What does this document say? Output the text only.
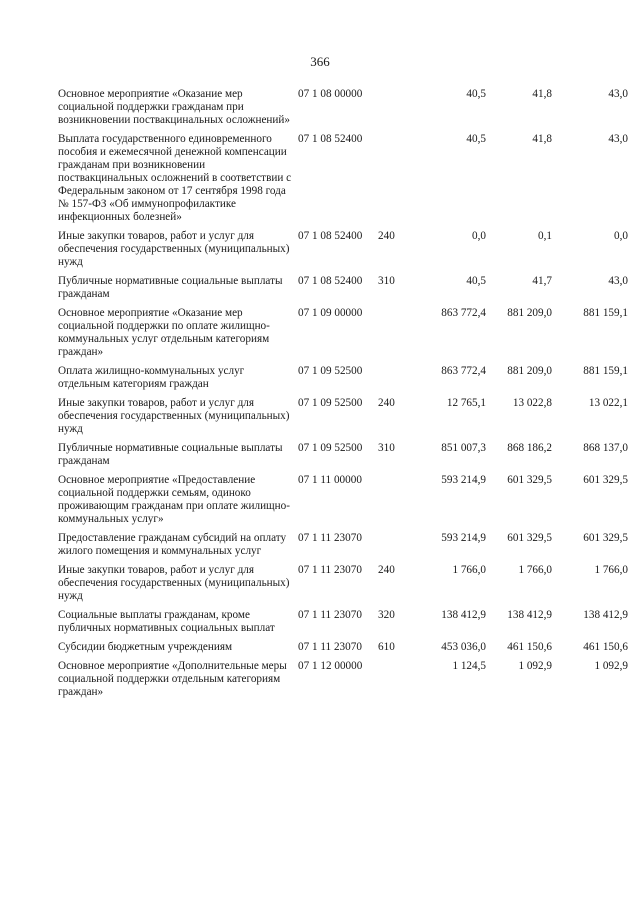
366
Основное мероприятие «Оказание мер социальной поддержки гражданам при возникновении поствакцинальных осложнений»
07 1 08 00000	40,5	41,8	43,0
Выплата государственного единовременного пособия и ежемесячной денежной компенсации гражданам при возникновении поствакцинальных осложнений в соответствии с Федеральным законом от 17 сентября 1998 года № 157-ФЗ «Об иммунопрофилактике инфекционных болезней»
07 1 08 52400	40,5	41,8	43,0
Иные закупки товаров, работ и услуг для обеспечения государственных (муниципальных) нужд
07 1 08 52400	240	0,0	0,1	0,0
Публичные нормативные социальные выплаты гражданам
07 1 08 52400	310	40,5	41,7	43,0
Основное мероприятие «Оказание мер социальной поддержки по оплате жилищно-коммунальных услуг отдельным категориям граждан»
07 1 09 00000	863 772,4	881 209,0	881 159,1
Оплата жилищно-коммунальных услуг отдельным категориям граждан
07 1 09 52500	863 772,4	881 209,0	881 159,1
Иные закупки товаров, работ и услуг для обеспечения государственных (муниципальных) нужд
07 1 09 52500	240	12 765,1	13 022,8	13 022,1
Публичные нормативные социальные выплаты гражданам
07 1 09 52500	310	851 007,3	868 186,2	868 137,0
Основное мероприятие «Предоставление социальной поддержки семьям, одиноко проживающим гражданам при оплате жилищно-коммунальных услуг»
07 1 11 00000	593 214,9	601 329,5	601 329,5
Предоставление гражданам субсидий на оплату жилого помещения и коммунальных услуг
07 1 11 23070	593 214,9	601 329,5	601 329,5
Иные закупки товаров, работ и услуг для обеспечения государственных (муниципальных) нужд
07 1 11 23070	240	1 766,0	1 766,0	1 766,0
Социальные выплаты гражданам, кроме публичных нормативных социальных выплат
07 1 11 23070	320	138 412,9	138 412,9	138 412,9
Субсидии бюджетным учреждениям	07 1 11 23070	610	453 036,0	461 150,6	461 150,6
Основное мероприятие «Дополнительные меры социальной поддержки отдельным категориям граждан»
07 1 12 00000	1 124,5	1 092,9	1 092,9
